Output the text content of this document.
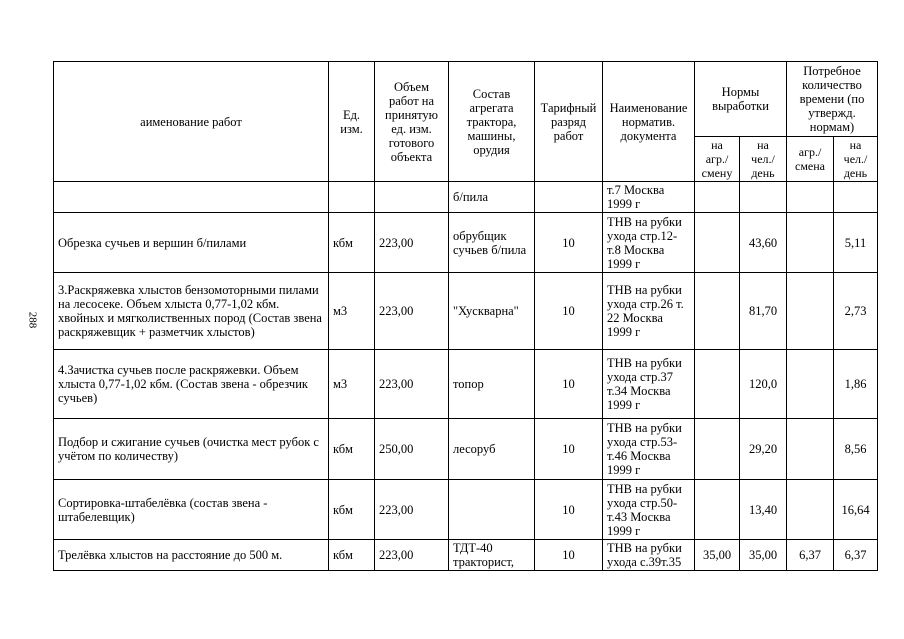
288
аименование работ	Ед. изм.	Объем работ на принятую ед. изм. готового объекта	Состав агрегата трактора, машины, орудия	Тарифный разряд работ	Наименование норматив. документа	Нормы выработки		Потребное количество времени (по утвержд. нормам)	
						на агр./ смену	на чел./ день	агр./ смена	на чел./ день
			б/пила		т.7 Москва 1999 г				
Обрезка сучьев и вершин б/пилами	кбм	223,00	обрубщик сучьев б/пила	10	ТНВ на рубки ухода стр.12- т.8 Москва 1999 г		43,60		5,11
3.Раскряжевка хлыстов бензомоторными пилами на лесосеке. Объем хлыста 0,77-1,02 кбм. хвойных и мягколиственных пород (Состав звена раскряжевщик + разметчик хлыстов)	м3	223,00	"Хускварна"	10	ТНВ на рубки ухода стр.26 т. 22 Москва 1999 г		81,70		2,73
4.Зачистка сучьев после раскряжевки. Объем хлыста 0,77-1,02 кбм. (Состав звена - обрезчик сучьев)	м3	223,00	топор	10	ТНВ на рубки ухода стр.37 т.34 Москва 1999 г		120,0		1,86
Подбор и сжигание сучьев (очистка мест рубок с учётом по количеству)	кбм	250,00	лесоруб	10	ТНВ на рубки ухода стр.53- т.46 Москва 1999 г		29,20		8,56
Сортировка-штабелёвка (состав звена - штабелевщик)	кбм	223,00		10	ТНВ на рубки ухода стр.50- т.43 Москва 1999 г		13,40		16,64
Трелёвка хлыстов на расстояние до 500 м.	кбм	223,00	ТДТ-40 тракторист,	10	ТНВ на рубки ухода с.39т.35	35,00	35,00	6,37	6,37
